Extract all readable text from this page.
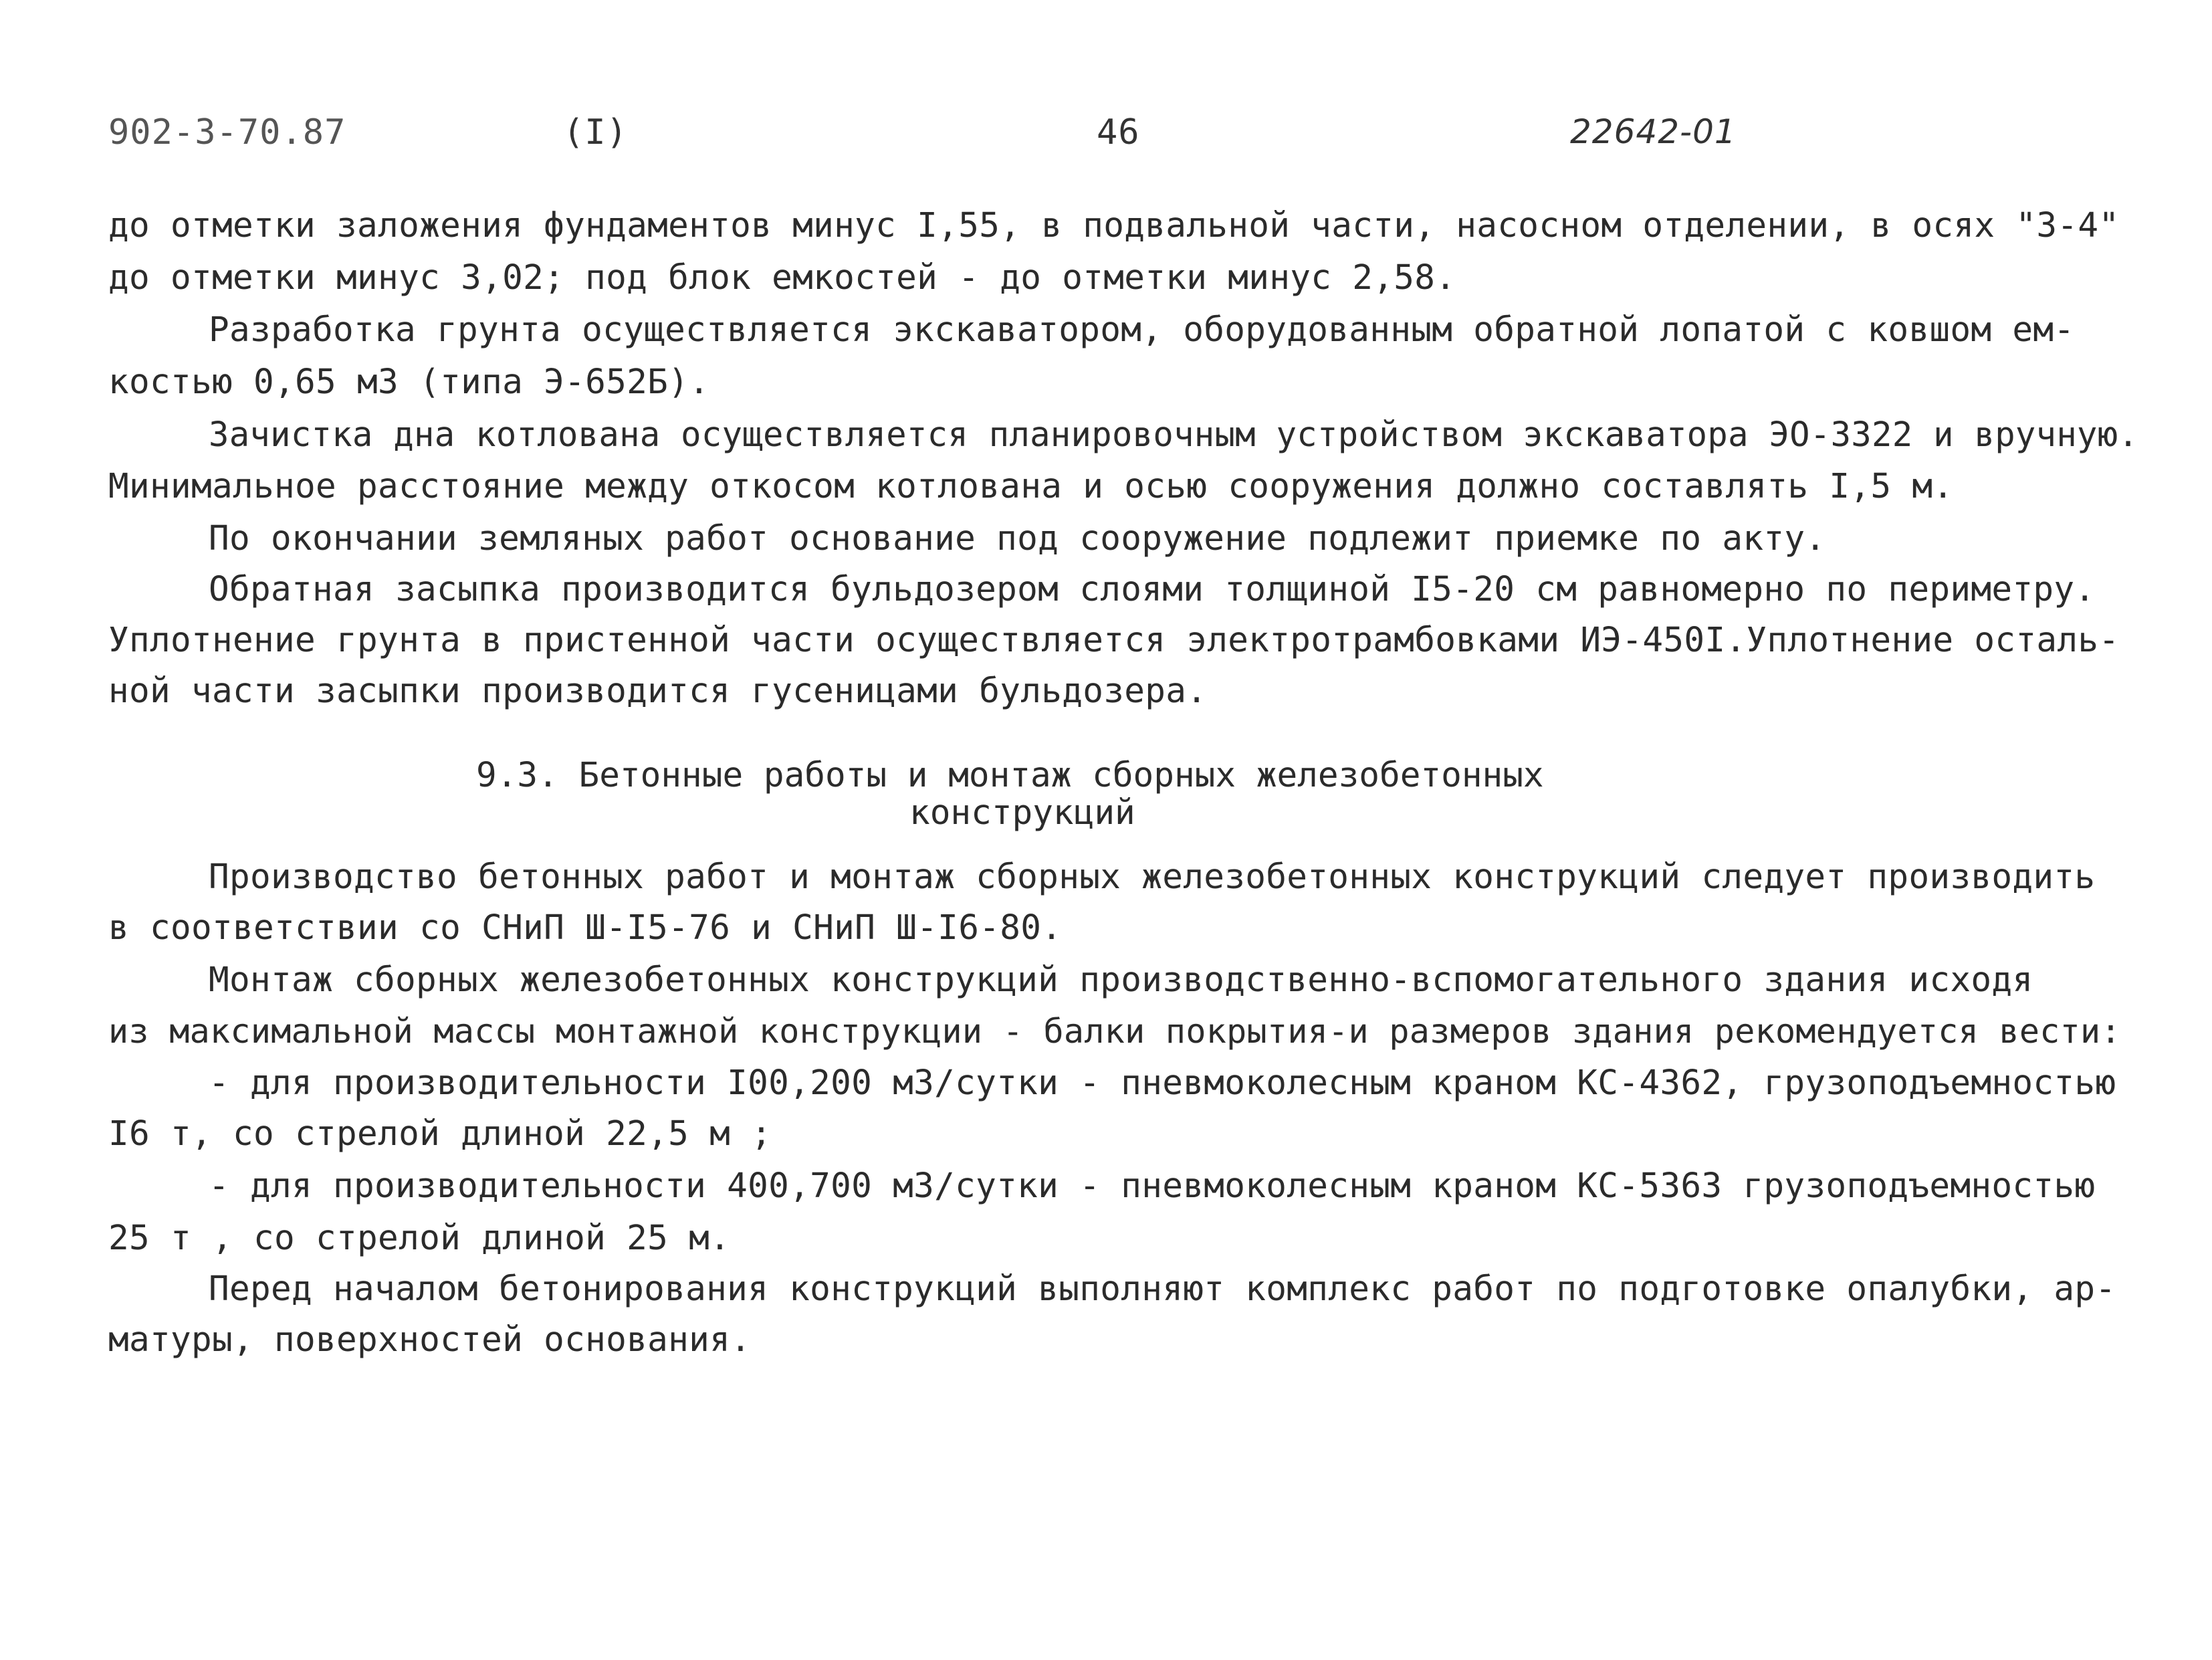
902-3-70.87	(I)	46	22642-01
до отметки заложения фундаментов минус I,55, в подвальной части, насосном отделении, в осях "3-4"
до отметки минус 3,02; под блок емкостей - до отметки минус 2,58.
Разработка грунта осуществляется экскаватором, оборудованным обратной лопатой с ковшом ем-
костью 0,65 м3 (типа Э-652Б).
Зачистка дна котлована осуществляется планировочным устройством экскаватора ЭО-3322 и вручную.
Минимальное расстояние между откосом котлована и осью сооружения должно составлять I,5 м.
По окончании земляных работ основание под сооружение подлежит приемке по акту.
Обратная засыпка производится бульдозером слоями толщиной I5-20 см равномерно по периметру.
Уплотнение грунта в пристенной части осуществляется электротрамбовками ИЭ-450I.Уплотнение осталь-
ной части засыпки производится гусеницами бульдозера.
9.3. Бетонные работы и монтаж сборных железобетонных
конструкций
Производство бетонных работ и монтаж сборных железобетонных конструкций следует производить
в соответствии со СНиП Ш-I5-76 и СНиП Ш-I6-80.
Монтаж сборных железобетонных конструкций производственно-вспомогательного здания исходя
из максимальной массы монтажной конструкции - балки покрытия-и размеров здания рекомендуется вести:
- для производительности I00,200 м3/сутки - пневмоколесным краном КС-4362, грузоподъемностью
I6 т, со стрелой длиной 22,5 м ;
- для производительности 400,700 м3/сутки - пневмоколесным краном КС-5363 грузоподъемностью
25 т , со стрелой длиной 25 м.
Перед началом бетонирования конструкций выполняют комплекс работ по подготовке опалубки, ар-
матуры, поверхностей основания.
